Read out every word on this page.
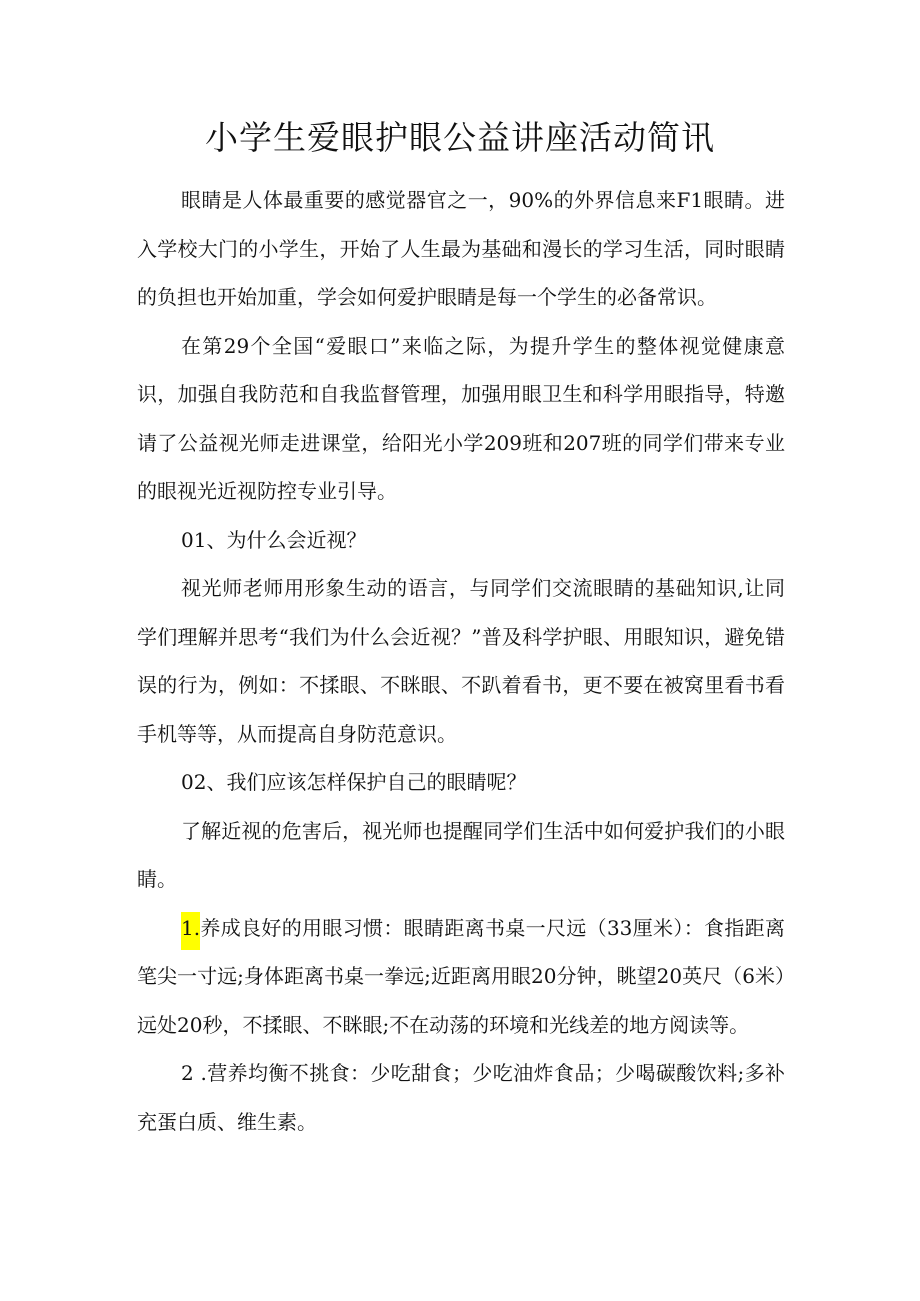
小学生爱眼护眼公益讲座活动简讯

眼睛是人体最重要的感觉器官之一，90%的外界信息来F1眼睛。进入学校大门的小学生，开始了人生最为基础和漫长的学习生活，同时眼睛的负担也开始加重，学会如何爱护眼睛是每一个学生的必备常识。

在第29个全国“爱眼口”来临之际，为提升学生的整体视觉健康意识，加强自我防范和自我监督管理，加强用眼卫生和科学用眼指导，特邀请了公益视光师走进课堂，给阳光小学209班和207班的同学们带来专业的眼视光近视防控专业引导。

01、为什么会近视？

视光师老师用形象生动的语言，与同学们交流眼睛的基础知识,让同学们理解并思考“我们为什么会近视？”普及科学护眼、用眼知识，避免错误的行为，例如：不揉眼、不眯眼、不趴着看书，更不要在被窝里看书看手机等等，从而提高自身防范意识。

02、我们应该怎样保护自己的眼睛呢？

了解近视的危害后，视光师也提醒同学们生活中如何爱护我们的小眼睛。

1.养成良好的用眼习惯：眼睛距离书桌一尺远（33厘米）：食指距离笔尖一寸远;身体距离书桌一拳远;近距离用眼20分钟，眺望20英尺（6米）远处20秒，不揉眼、不眯眼;不在动荡的环境和光线差的地方阅读等。

2 .营养均衡不挑食：少吃甜食；少吃油炸食品；少喝碳酸饮料;多补充蛋白质、维生素。
